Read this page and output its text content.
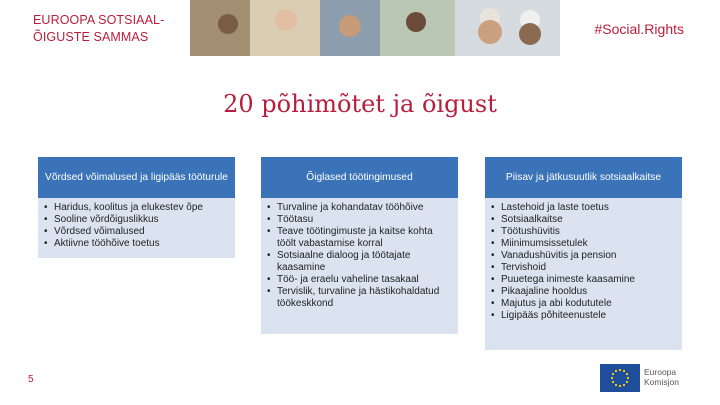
EUROOPA SOTSIAAL-ÕIGUSTE SAMMAS	#Social.Rights
20 põhimõtet ja õigust
Võrdsed võimalused ja ligipääs tööturule
• Haridus, koolitus ja elukestev õpe
• Sooline võrdõiguslikkus
• Võrdsed võimalused
• Aktiivne tööhõive toetus
Õiglased töötingimused
• Turvaline ja kohandatav tööhõive
• Töötasu
• Teave töötingimuste ja kaitse kohta töölt vabastamise korral
• Sotsiaalne dialoog ja töötajate kaasamine
• Töö- ja eraelu vaheline tasakaal
• Tervislik, turvaline ja hästikohaldatud töökeskkond
Piisav ja jätkusuutlik sotsiaalkaitse
• Lastehoid ja laste toetus
• Sotsiaalkaitse
• Töötushüvitis
• Miinimumsissetulek
• Vanadushüvitis ja pension
• Tervishoid
• Puuetega inimeste kaasamine
• Pikaajaline hooldus
• Majutus ja abi kodututele
• Ligipääs põhiteenustele
5
Euroopa
Komisjon
